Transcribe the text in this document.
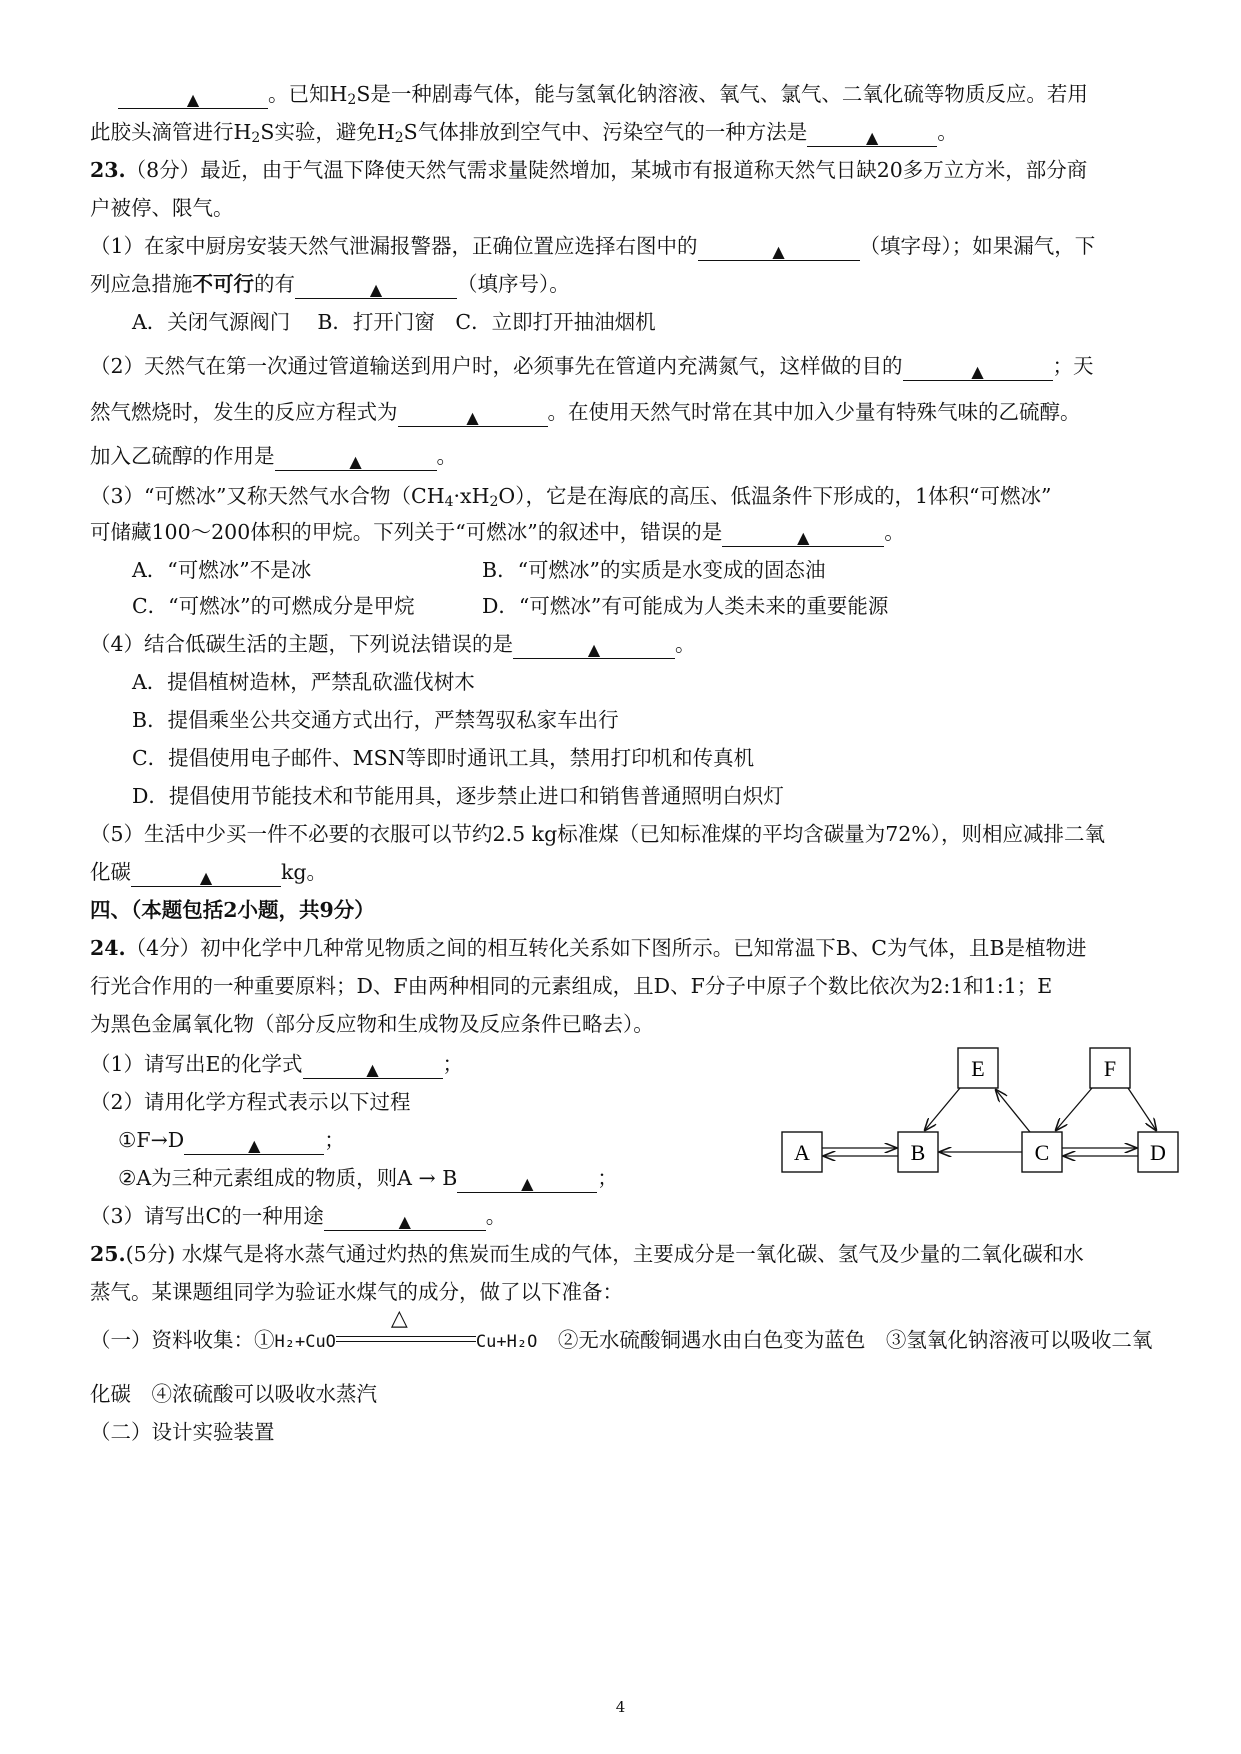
▲	。已知$H_2S$是一种剧毒气体，能与氢氧化钠溶液、氧气、氯气、二氧化硫等物质反应。若用
此胶头滴管进行$H_2S$实验，避免$H_2S$气体排放到空气中、污染空气的一种方法是	▲	。
23.（8分）最近，由于气温下降使天然气需求量陡然增加，某城市有报道称天然气日缺20多万立方米，部分商
户被停、限气。
（1）在家中厨房安装天然气泄漏报警器，正确位置应选择右图中的	▲	（填字母）；如果漏气，下
列应急措施不可行的有	▲	（填序号）。
A．关闭气源阀门　 B．打开门窗　C．立即打开抽油烟机
（2）天然气在第一次通过管道输送到用户时，必须事先在管道内充满氮气，这样做的目的	▲	；天
然气燃烧时，发生的反应方程式为	▲	。在使用天然气时常在其中加入少量有特殊气味的乙硫醇。
加入乙硫醇的作用是	▲	。
（3）“可燃冰”又称天然气水合物$(CH_4\cdot xH_2O)$，它是在海底的高压、低温条件下形成的，1体积“可燃冰”
可储藏100～200体积的甲烷。下列关于“可燃冰”的叙述中，错误的是	▲	。
A．“可燃冰”不是冰	B．“可燃冰”的实质是水变成的固态油
C．“可燃冰”的可燃成分是甲烷	D．“可燃冰”有可能成为人类未来的重要能源
（4）结合低碳生活的主题，下列说法错误的是	▲	。
A．提倡植树造林，严禁乱砍滥伐树木
B．提倡乘坐公共交通方式出行，严禁驾驭私家车出行
C．提倡使用电子邮件、MSN等即时通讯工具，禁用打印机和传真机
D．提倡使用节能技术和节能用具，逐步禁止进口和销售普通照明白炽灯
（5）生活中少买一件不必要的衣服可以节约2.5 kg标准煤（已知标准煤的平均含碳量为72%），则相应减排二氧
化碳	▲	kg。
四、（本题包括2小题，共9分）
24.（4分）初中化学中几种常见物质之间的相互转化关系如下图所示。已知常温下B、C为气体，且B是植物进
行光合作用的一种重要原料；D、F由两种相同的元素组成，且D、F分子中原子个数比依次为2:1和1:1；E
为黑色金属氧化物（部分反应物和生成物及反应条件已略去）。
（1）请写出E的化学式	▲	；
（2）请用化学方程式表示以下过程
①F→D	▲	；
②A为三种元素组成的物质，则A → B	▲	；
（3）请写出C的一种用途	▲	。
E	F
A	B	C	D
25.(5分) 水煤气是将水蒸气通过灼热的焦炭而生成的气体，主要成分是一氧化碳、氢气及少量的二氧化碳和水
蒸气。某课题组同学为验证水煤气的成分，做了以下准备：
（一）资料收集：①H₂+CuO
△
Cu+H₂O　②无水硫酸铜遇水由白色变为蓝色　③氢氧化钠溶液可以吸收二氧
化碳　④浓硫酸可以吸收水蒸汽
（二）设计实验装置
4
